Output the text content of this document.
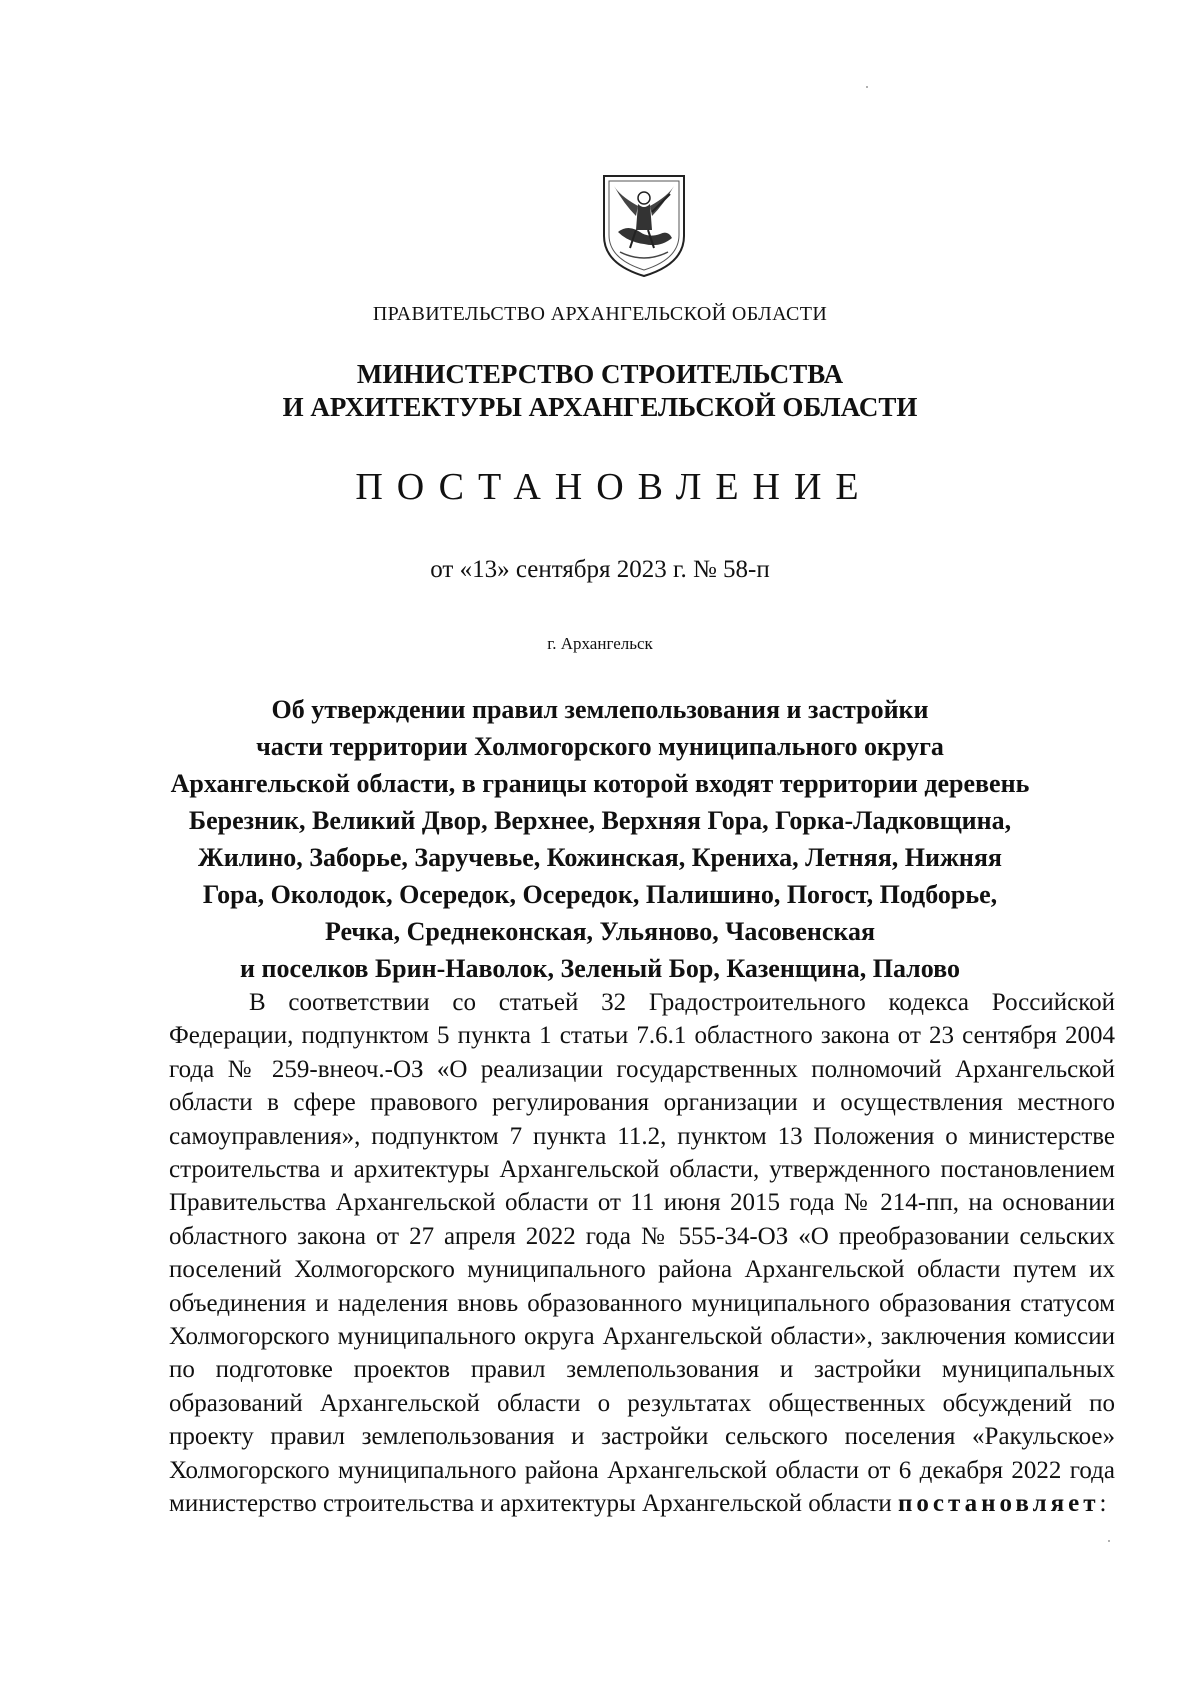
ПРАВИТЕЛЬСТВО АРХАНГЕЛЬСКОЙ ОБЛАСТИ
МИНИСТЕРСТВО СТРОИТЕЛЬСТВА
И АРХИТЕКТУРЫ АРХАНГЕЛЬСКОЙ ОБЛАСТИ
ПОСТАНОВЛЕНИЕ
от «13» сентября 2023 г. № 58-п
г. Архангельск
Об утверждении правил землепользования и застройки
части территории Холмогорского муниципального округа
Архангельской области, в границы которой входят территории деревень
Березник, Великий Двор, Верхнее, Верхняя Гора, Горка-Ладковщина,
Жилино, Заборье, Заручевье, Кожинская, Крениха, Летняя, Нижняя
Гора, Околодок, Осередок, Осередок, Палишино, Погост, Подборье,
Речка, Среднеконская, Ульяново, Часовенская
и поселков Брин-Наволок, Зеленый Бор, Казенщина, Палово
В соответствии со статьей 32 Градостроительного кодекса Российской Федерации, подпунктом 5 пункта 1 статьи 7.6.1 областного закона от 23 сентября 2004 года № 259-внеоч.-ОЗ «О реализации государственных полномочий Архангельской области в сфере правового регулирования организации и осуществления местного самоуправления», подпунктом 7 пункта 11.2, пунктом 13 Положения о министерстве строительства и архитектуры Архангельской области, утвержденного постановлением Правительства Архангельской области от 11 июня 2015 года № 214-пп, на основании областного закона от 27 апреля 2022 года № 555-34-ОЗ «О преобразовании сельских поселений Холмогорского муниципального района Архангельской области путем их объединения и наделения вновь образованного муниципального образования статусом Холмогорского муниципального округа Архангельской области», заключения комиссии по подготовке проектов правил землепользования и застройки муниципальных образований Архангельской области о результатах общественных обсуждений по проекту правил землепользования и застройки сельского поселения «Ракульское» Холмогорского муниципального района Архангельской области от 6 декабря 2022 года министерство строительства и архитектуры Архангельской области постановляет:
